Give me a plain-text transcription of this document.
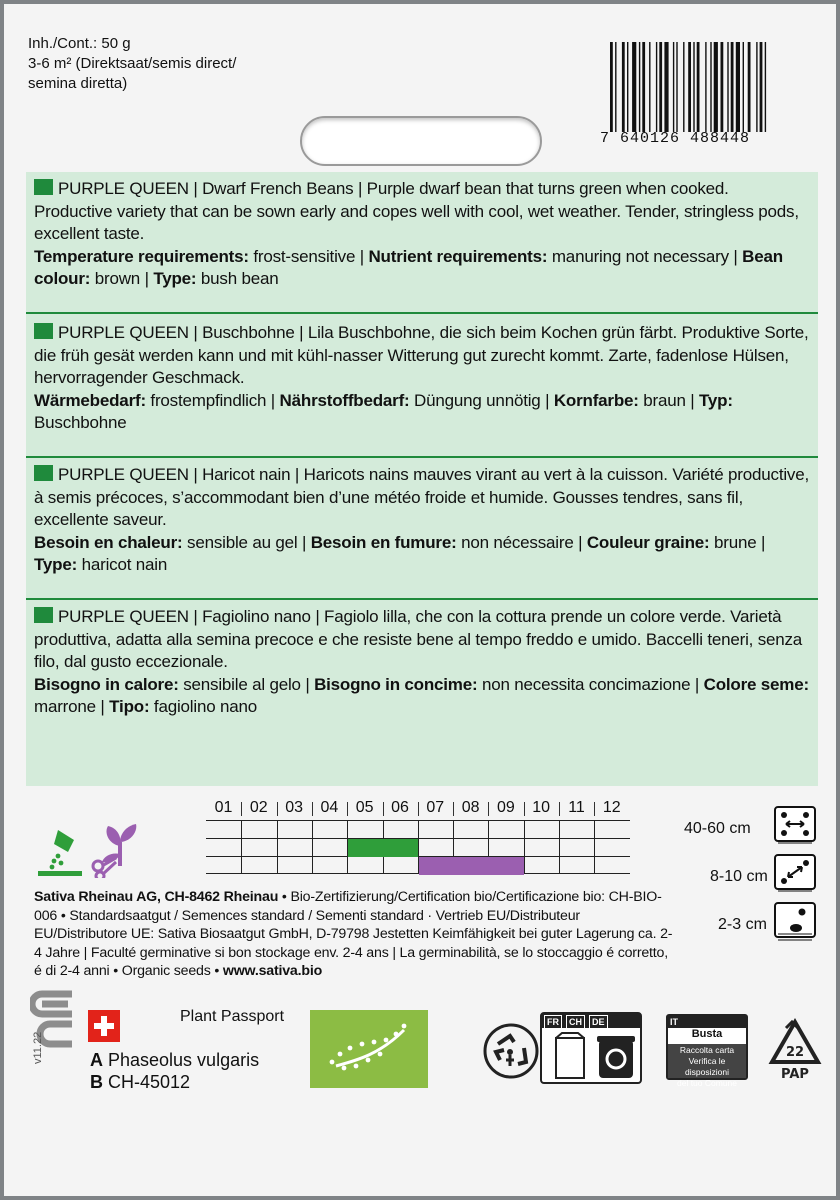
Inh./Cont.: 50 g
3-6 m² (Direktsaat/semis direct/
semina diretta)
7 640126 488448
PURPLE QUEEN | Dwarf French Beans | Purple dwarf bean that turns green when cooked. Productive variety that can be sown early and copes well with cool, wet weather. Tender, stringless pods, excellent taste.
Temperature requirements: frost-sensitive | Nutrient requirements: manuring not necessary | Bean colour: brown | Type: bush bean
PURPLE QUEEN | Buschbohne | Lila Buschbohne, die sich beim Kochen grün färbt. Produktive Sorte, die früh gesät werden kann und mit kühl-nasser Witterung gut zurecht kommt. Zarte, fadenlose Hülsen, hervorragender Geschmack.
Wärmebedarf: frostempfindlich | Nährstoffbedarf: Düngung unnötig | Kornfarbe: braun | Typ: Buschbohne
PURPLE QUEEN | Haricot nain | Haricots nains mauves virant au vert à la cuisson. Variété productive, à semis précoces, s’accommodant bien d’une météo froide et humide. Gousses tendres, sans fil, excellente saveur.
Besoin en chaleur: sensible au gel | Besoin en fumure: non nécessaire | Couleur graine: brune | Type: haricot nain
PURPLE QUEEN | Fagiolino nano | Fagiolo lilla, che con la cottura prende un colore verde. Varietà produttiva, adatta alla semina precoce e che resiste bene al tempo freddo e umido. Baccelli teneri, senza filo, dal gusto eccezionale.
Bisogno in calore: sensibile al gelo | Bisogno in concime: non necessita concimazione | Colore seme: marrone | Tipo: fagiolino nano
01	02	03	04	05	06	07	08	09	10	11	12
40-60 cm
8-10 cm
2-3 cm
Sativa Rheinau AG, CH-8462 Rheinau • Bio-Zertifizierung/Certification bio/Certificazione bio: CH-BIO-006 • Standardsaatgut / Semences standard / Sementi standard · Vertrieb EU/Distributeur EU/Distributore UE: Sativa Biosaatgut GmbH, D-79798 Jestetten Keimfähigkeit bei guter Lagerung ca. 2-4 Jahre | Faculté germinative si bon stockage env. 2-4 ans | La germinabilità, se lo stoccaggio é corretto, é di 2-4 anni • Organic seeds • www.sativa.bio
v11.22
Plant Passport
A Phaseolus vulgaris
B CH-45012
FR	CH	DE	IT
Busta
Raccolta carta
Verifica le disposizioni
del tuo Comune
22
PAP
